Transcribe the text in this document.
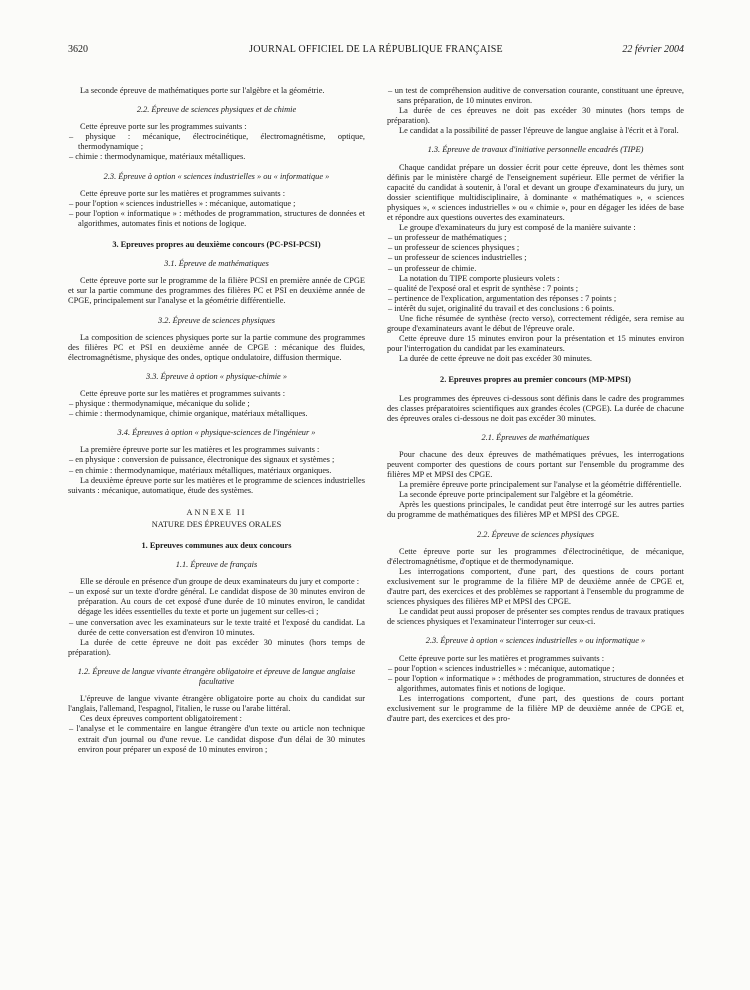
3620	JOURNAL OFFICIEL DE LA RÉPUBLIQUE FRANÇAISE	22 février 2004

La seconde épreuve de mathématiques porte sur l'algèbre et la géométrie.

2.2. Épreuve de sciences physiques et de chimie

Cette épreuve porte sur les programmes suivants :

– physique : mécanique, électrocinétique, électromagnétisme, optique, thermodynamique ;
– chimie : thermodynamique, matériaux métalliques.
2.3. Épreuve à option « sciences industrielles » ou « informatique »

Cette épreuve porte sur les matières et programmes suivants :

– pour l'option « sciences industrielles » : mécanique, automatique ;
– pour l'option « informatique » : méthodes de programmation, structures de données et algorithmes, automates finis et notions de logique.
3. Epreuves propres au deuxième concours (PC-PSI-PCSI)
3.1. Épreuve de mathématiques

Cette épreuve porte sur le programme de la filière PCSI en première année de CPGE et sur la partie commune des programmes des filières PC et PSI en deuxième année de CPGE, principalement sur l'analyse et la géométrie différentielle.

3.2. Épreuve de sciences physiques

La composition de sciences physiques porte sur la partie commune des programmes des filières PC et PSI en deuxième année de CPGE : mécanique des fluides, électromagnétisme, physique des ondes, optique ondulatoire, diffusion thermique.

3.3. Épreuve à option « physique-chimie »

Cette épreuve porte sur les matières et programmes suivants :

– physique : thermodynamique, mécanique du solide ;
– chimie : thermodynamique, chimie organique, matériaux métalliques.
3.4. Épreuves à option « physique-sciences de l'ingénieur »

La première épreuve porte sur les matières et les programmes suivants :

– en physique : conversion de puissance, électronique des signaux et systèmes ;
– en chimie : thermodynamique, matériaux métalliques, matériaux organiques.

La deuxième épreuve porte sur les matières et le programme de sciences industrielles suivants : mécanique, automatique, étude des systèmes.

ANNEXE II
NATURE DES ÉPREUVES ORALES
1. Epreuves communes aux deux concours
1.1. Épreuve de français

Elle se déroule en présence d'un groupe de deux examinateurs du jury et comporte :

– un exposé sur un texte d'ordre général. Le candidat dispose de 30 minutes environ de préparation. Au cours de cet exposé d'une durée de 10 minutes environ, le candidat dégage les idées essentielles du texte et porte un jugement sur celles-ci ;
– une conversation avec les examinateurs sur le texte traité et l'exposé du candidat. La durée de cette conversation est d'environ 10 minutes.

La durée de cette épreuve ne doit pas excéder 30 minutes (hors temps de préparation).

1.2. Épreuve de langue vivante étrangère obligatoire et épreuve de langue anglaise facultative

L'épreuve de langue vivante étrangère obligatoire porte au choix du candidat sur l'anglais, l'allemand, l'espagnol, l'italien, le russe ou l'arabe littéral.

Ces deux épreuves comportent obligatoirement :

– l'analyse et le commentaire en langue étrangère d'un texte ou article non technique extrait d'un journal ou d'une revue. Le candidat dispose d'un délai de 30 minutes environ pour préparer un exposé de 10 minutes environ ;
– un test de compréhension auditive de conversation courante, constituant une épreuve, sans préparation, de 10 minutes environ.

La durée de ces épreuves ne doit pas excéder 30 minutes (hors temps de préparation).

Le candidat a la possibilité de passer l'épreuve de langue anglaise à l'écrit et à l'oral.

1.3. Épreuve de travaux d'initiative personnelle encadrés (TIPE)

Chaque candidat prépare un dossier écrit pour cette épreuve, dont les thèmes sont définis par le ministère chargé de l'enseignement supérieur. Elle permet de vérifier la capacité du candidat à soutenir, à l'oral et devant un groupe d'examinateurs du jury, un dossier scientifique multidisciplinaire, à dominante « mathématiques », « sciences physiques », « sciences industrielles » ou « chimie », pour en dégager les idées de base et répondre aux questions ouvertes des examinateurs.

Le groupe d'examinateurs du jury est composé de la manière suivante :

– un professeur de mathématiques ;
– un professeur de sciences physiques ;
– un professeur de sciences industrielles ;
– un professeur de chimie.

La notation du TIPE comporte plusieurs volets :

– qualité de l'exposé oral et esprit de synthèse : 7 points ;
– pertinence de l'explication, argumentation des réponses : 7 points ;
– intérêt du sujet, originalité du travail et des conclusions : 6 points.

Une fiche résumée de synthèse (recto verso), correctement rédigée, sera remise au groupe d'examinateurs avant le début de l'épreuve orale.

Cette épreuve dure 15 minutes environ pour la présentation et 15 minutes environ pour l'interrogation du candidat par les examinateurs.

La durée de cette épreuve ne doit pas excéder 30 minutes.

2. Epreuves propres au premier concours (MP-MPSI)

Les programmes des épreuves ci-dessous sont définis dans le cadre des programmes des classes préparatoires scientifiques aux grandes écoles (CPGE). La durée de chacune des épreuves orales ci-dessous ne doit pas excéder 30 minutes.

2.1. Épreuves de mathématiques

Pour chacune des deux épreuves de mathématiques prévues, les interrogations peuvent comporter des questions de cours portant sur l'ensemble du programme des filières MP et MPSI des CPGE.

La première épreuve porte principalement sur l'analyse et la géométrie différentielle.

La seconde épreuve porte principalement sur l'algèbre et la géométrie.

Après les questions principales, le candidat peut être interrogé sur les autres parties du programme de mathématiques des filières MP et MPSI des CPGE.

2.2. Épreuve de sciences physiques

Cette épreuve porte sur les programmes d'électrocinétique, de mécanique, d'électromagnétisme, d'optique et de thermodynamique.

Les interrogations comportent, d'une part, des questions de cours portant exclusivement sur le programme de la filière MP de deuxième année de CPGE et, d'autre part, des exercices et des problèmes se rapportant à l'ensemble du programme de sciences physiques des filières MP et MPSI des CPGE.

Le candidat peut aussi proposer de présenter ses comptes rendus de travaux pratiques de sciences physiques et l'examinateur l'interroger sur ceux-ci.

2.3. Épreuve à option « sciences industrielles » ou informatique »

Cette épreuve porte sur les matières et programmes suivants :

– pour l'option « sciences industrielles » : mécanique, automatique ;
– pour l'option « informatique » : méthodes de programmation, structures de données et algorithmes, automates finis et notions de logique.

Les interrogations comportent, d'une part, des questions de cours portant exclusivement sur le programme de la filière MP de deuxième année de CPGE et, d'autre part, des exercices et des pro-
